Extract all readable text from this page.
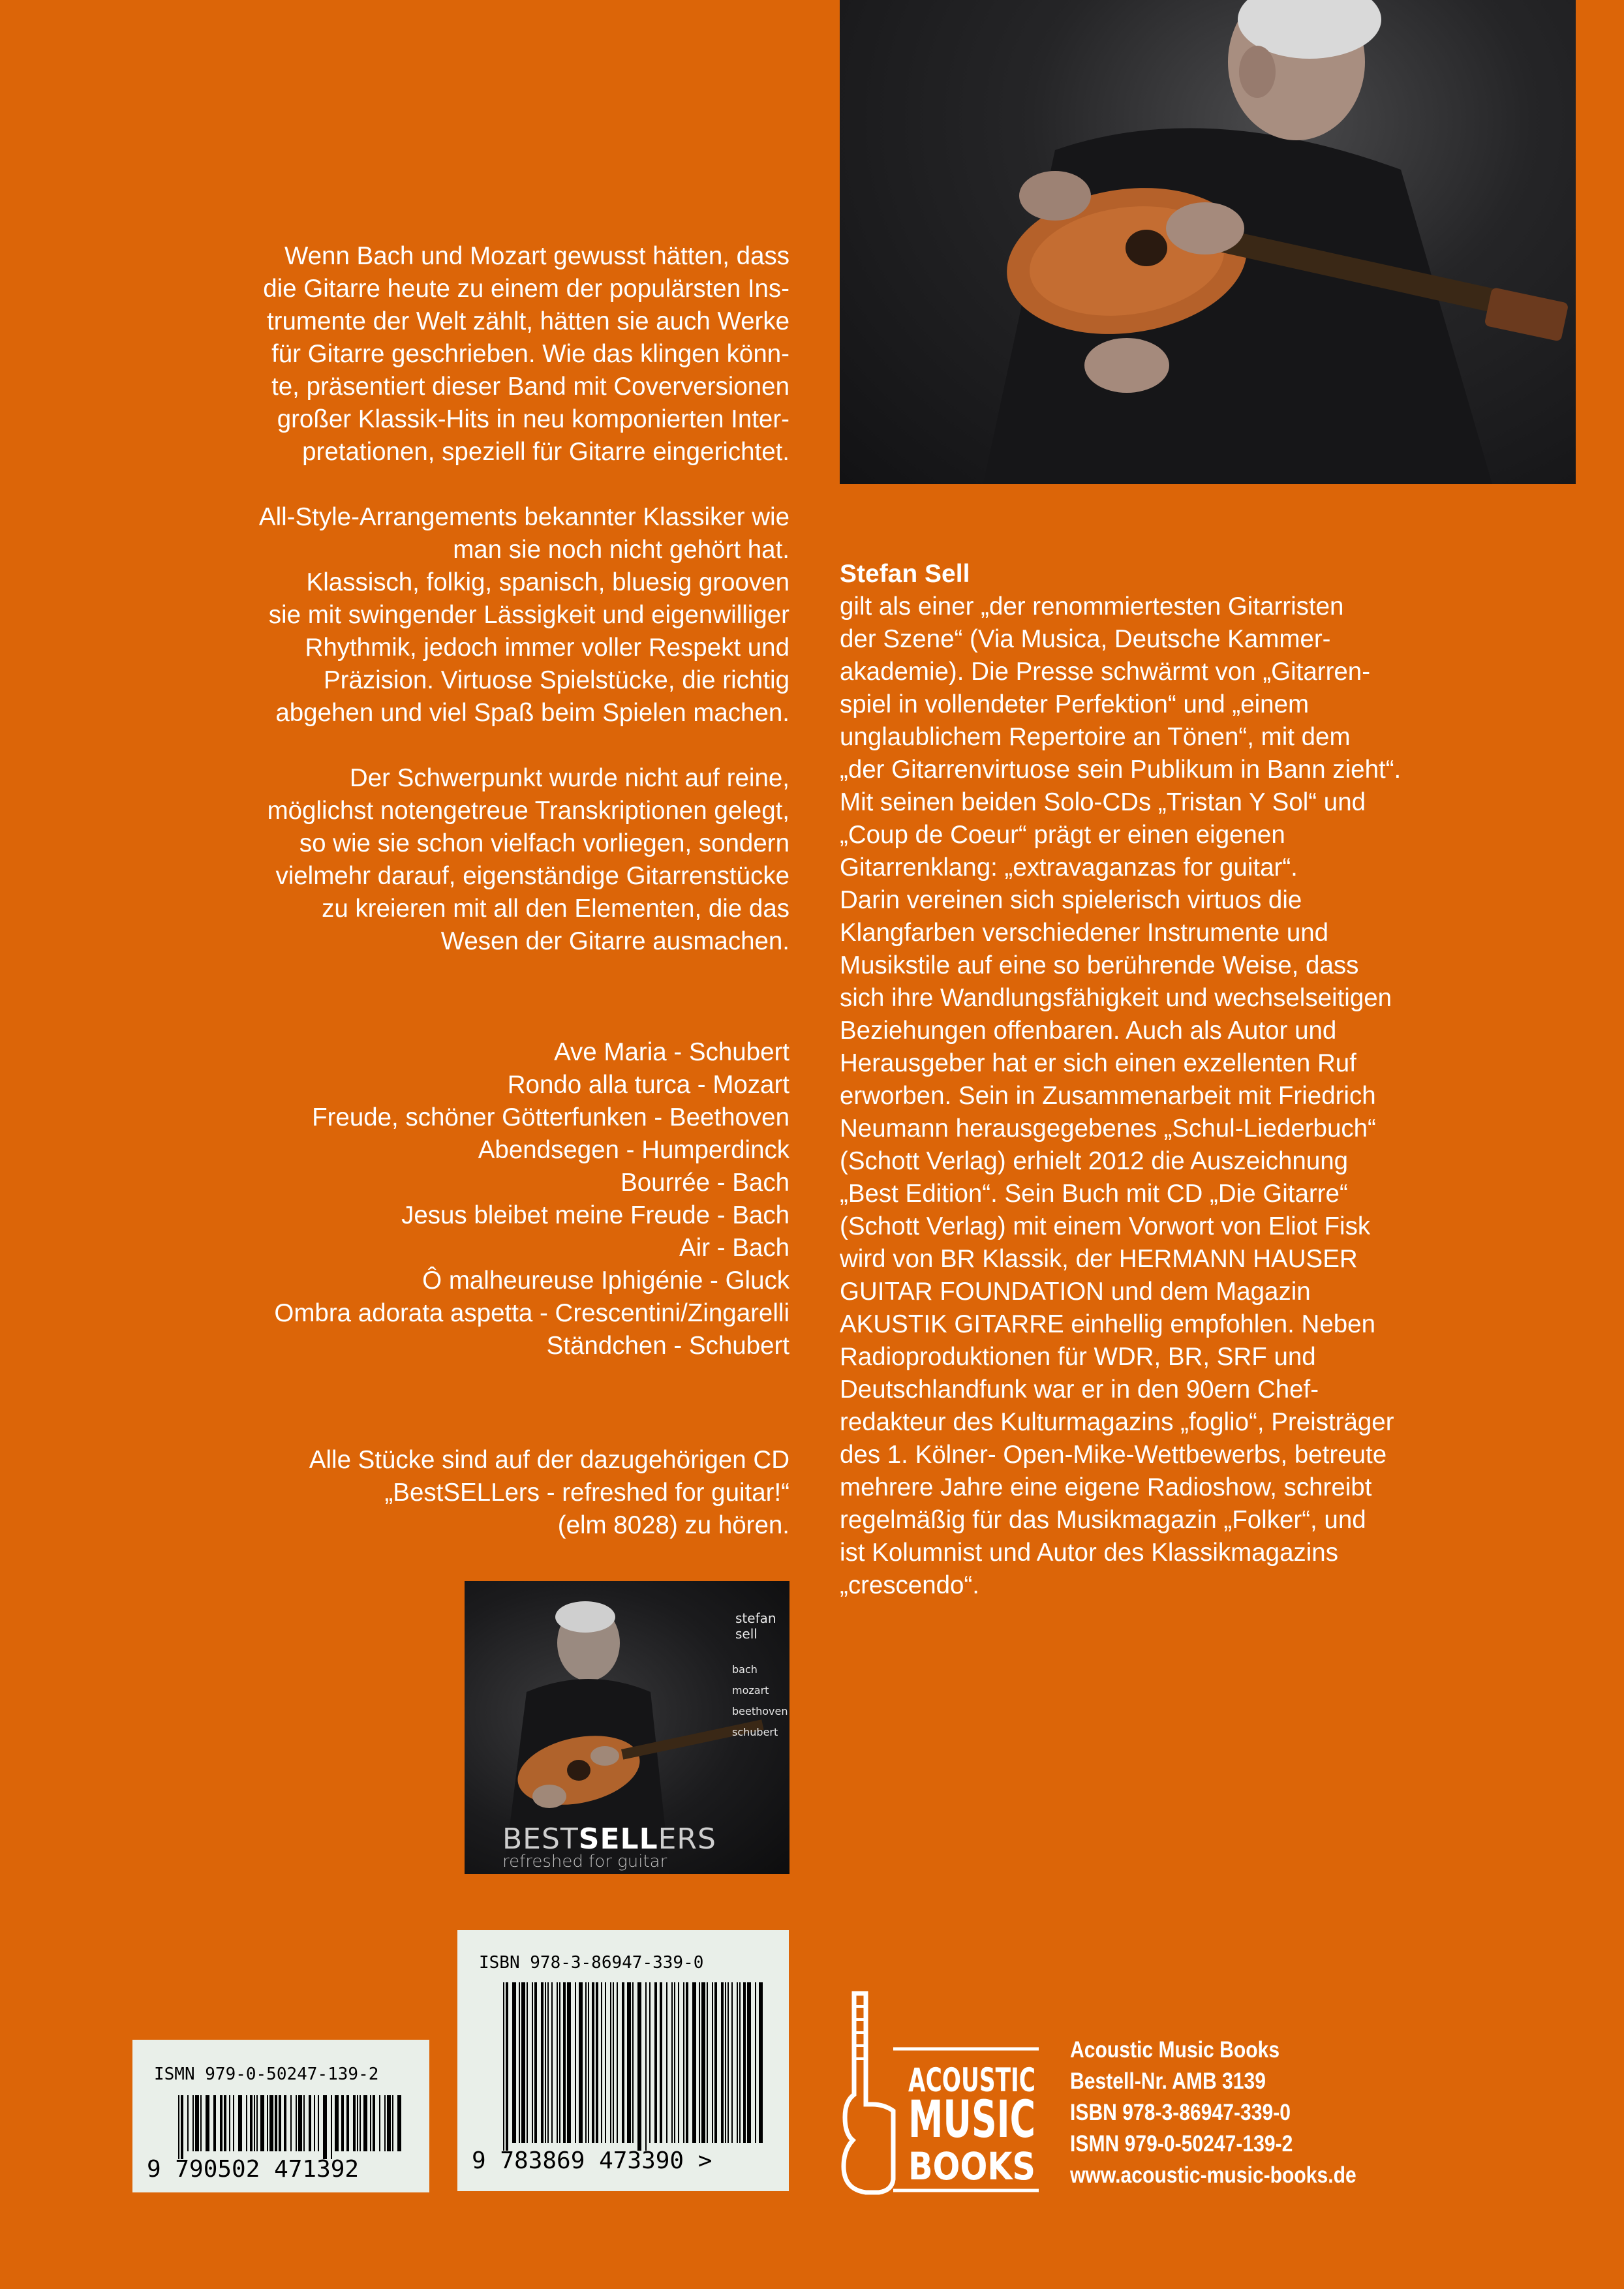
Wenn Bach und Mozart gewusst hätten, dass
die Gitarre heute zu einem der populärsten Ins-
trumente der Welt zählt, hätten sie auch Werke
für Gitarre geschrieben. Wie das klingen könn-
te, präsentiert dieser Band mit Coverversionen
großer Klassik-Hits in neu komponierten Inter-
pretationen, speziell für Gitarre eingerichtet.

All-Style-Arrangements bekannter Klassiker wie
man sie noch nicht gehört hat.
Klassisch, folkig, spanisch, bluesig grooven
sie mit swingender Lässigkeit und eigenwilliger
Rhythmik, jedoch immer voller Respekt und
Präzision. Virtuose Spielstücke, die richtig
abgehen und viel Spaß beim Spielen machen.

Der Schwerpunkt wurde nicht auf reine,
möglichst notengetreue Transkriptionen gelegt,
so wie sie schon vielfach vorliegen, sondern
vielmehr darauf, eigenständige Gitarrenstücke
zu kreieren mit all den Elementen, die das
Wesen der Gitarre ausmachen.

Ave Maria - Schubert
Rondo alla turca - Mozart
Freude, schöner Götterfunken - Beethoven
Abendsegen - Humperdinck
Bourrée - Bach
Jesus bleibet meine Freude - Bach
Air - Bach
Ô malheureuse Iphigénie - Gluck
Ombra adorata aspetta - Crescentini/Zingarelli
Ständchen - Schubert
Alle Stücke sind auf der dazugehörigen CD
„BestSELLers - refreshed for guitar!“
(elm 8028) zu hören.
stefan sell
bach
mozart
beethoven
schubert
BESTSELLERS
refreshed for guitar
Stefan Sell
gilt als einer „der renommiertesten Gitarristen
der Szene“ (Via Musica, Deutsche Kammer-
akademie). Die Presse schwärmt von „Gitarren-
spiel in vollendeter Perfektion“ und „einem
unglaublichem Repertoire an Tönen“, mit dem
„der Gitarrenvirtuose sein Publikum in Bann zieht“.
Mit seinen beiden Solo-CDs „Tristan Y Sol“ und
„Coup de Coeur“ prägt er einen eigenen
Gitarrenklang: „extravaganzas for guitar“.
Darin vereinen sich spielerisch virtuos die
Klangfarben verschiedener Instrumente und
Musikstile auf eine so berührende Weise, dass
sich ihre Wandlungsfähigkeit und wechselseitigen
Beziehungen offenbaren. Auch als Autor und
Herausgeber hat er sich einen exzellenten Ruf
erworben. Sein in Zusammenarbeit mit Friedrich
Neumann herausgegebenes „Schul-Liederbuch“
(Schott Verlag) erhielt 2012 die Auszeichnung
„Best Edition“. Sein Buch mit CD „Die Gitarre“
(Schott Verlag) mit einem Vorwort von Eliot Fisk
wird von BR Klassik, der HERMANN HAUSER
GUITAR FOUNDATION und dem Magazin
AKUSTIK GITARRE einhellig empfohlen. Neben
Radioproduktionen für WDR, BR, SRF und
Deutschlandfunk war er in den 90ern Chef-
redakteur des Kulturmagazins „foglio“, Preisträger
des 1. Kölner- Open-Mike-Wettbewerbs, betreute
mehrere Jahre eine eigene Radioshow, schreibt
regelmäßig für das Musikmagazin „Folker“, und
ist Kolumnist und Autor des Klassikmagazins
„crescendo“.
ISMN 979-0-50247-139-2
9 790502 471392
ISBN 978-3-86947-339-0
9 783869 473390 >
ACOUSTIC
MUSIC
BOOKS
Acoustic Music Books
Bestell-Nr. AMB 3139
ISBN 978-3-86947-339-0
ISMN 979-0-50247-139-2
www.acoustic-music-books.de
